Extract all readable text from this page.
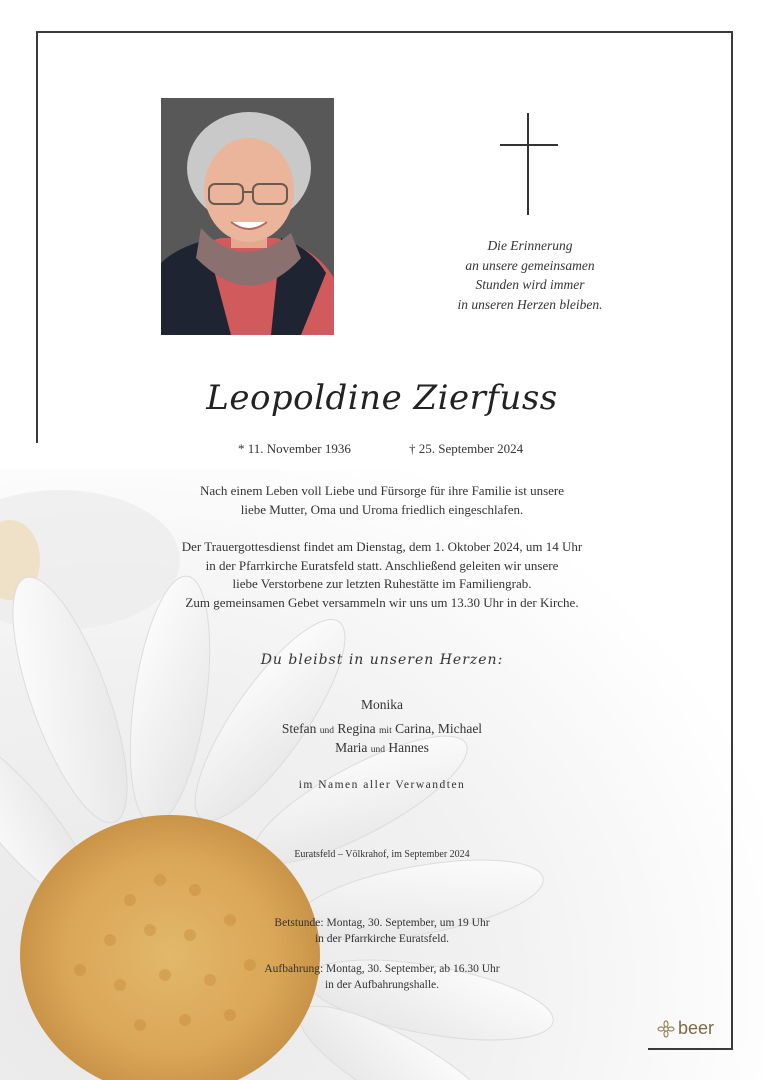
Die Erinnerung
an unsere gemeinsamen
Stunden wird immer
in unseren Herzen bleiben.
Leopoldine Zierfuss
* 11. November 1936	† 25. September 2024
Nach einem Leben voll Liebe und Fürsorge für ihre Familie ist unsere
liebe Mutter, Oma und Uroma friedlich eingeschlafen.
Der Trauergottesdienst findet am Dienstag, dem 1. Oktober 2024, um 14 Uhr
in der Pfarrkirche Euratsfeld statt. Anschließend geleiten wir unsere
liebe Verstorbene zur letzten Ruhestätte im Familiengrab.
Zum gemeinsamen Gebet versammeln wir uns um 13.30 Uhr in der Kirche.
Du bleibst in unseren Herzen:
Monika
Stefan und Regina mit Carina, Michael
Maria und Hannes
im Namen aller Verwandten
Euratsfeld – Völkrahof, im September 2024
Betstunde: Montag, 30. September, um 19 Uhr
in der Pfarrkirche Euratsfeld.
Aufbahrung: Montag, 30. September, ab 16.30 Uhr
in der Aufbahrungshalle.
beer
